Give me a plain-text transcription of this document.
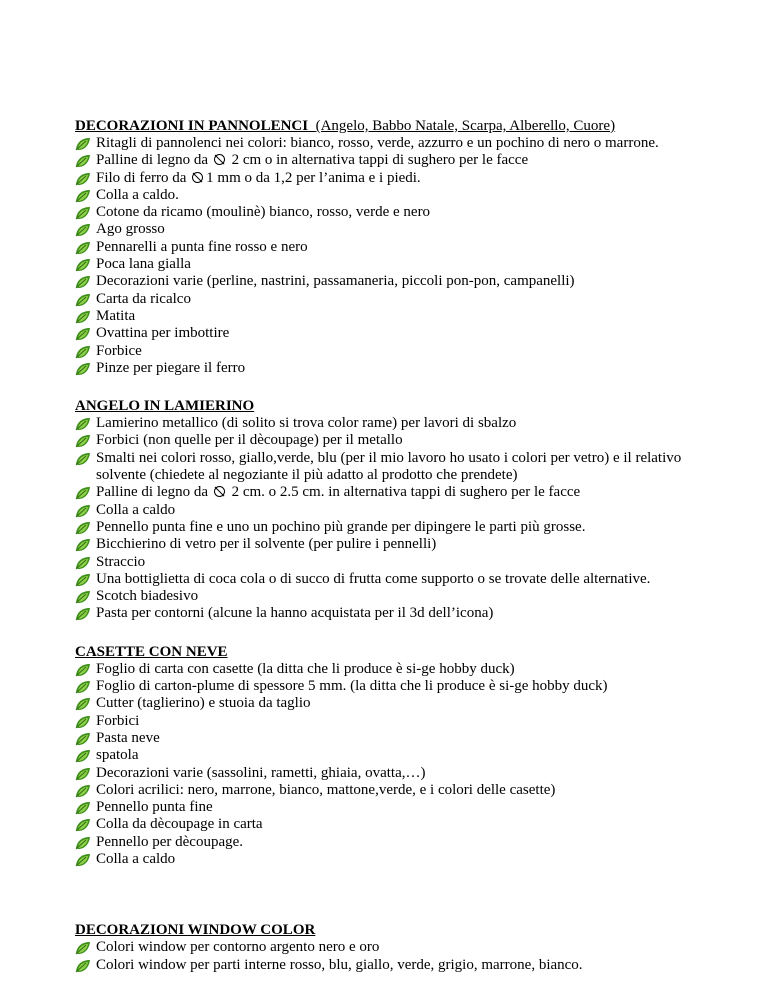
DECORAZIONI IN PANNOLENCI (Angelo, Babbo Natale, Scarpa, Alberello, Cuore)
Ritagli di pannolenci nei colori: bianco, rosso, verde, azzurro e un pochino di nero o marrone.
Palline di legno da  2 cm o in alternativa tappi di sughero per le facce
Filo di ferro da 1 mm o da 1,2 per l’anima e i piedi.
Colla a caldo.
Cotone da ricamo (moulinè) bianco, rosso, verde e nero
Ago grosso
Pennarelli a punta fine rosso e nero
Poca lana gialla
Decorazioni varie (perline, nastrini, passamaneria, piccoli pon-pon, campanelli)
Carta da ricalco
Matita
Ovattina per imbottire
Forbice
Pinze per piegare il ferro
ANGELO IN LAMIERINO
Lamierino metallico (di solito si trova color rame) per lavori di sbalzo
Forbici (non quelle per il dècoupage) per il metallo
Smalti nei colori rosso, giallo,verde, blu (per il mio lavoro ho usato i colori per vetro) e il relativo solvente (chiedete al negoziante il più adatto al prodotto che prendete)
Palline di legno da  2 cm. o 2.5 cm. in alternativa tappi di sughero per le facce
Colla a caldo
Pennello punta fine e uno un pochino più grande per dipingere le parti più grosse.
Bicchierino di vetro per il solvente (per pulire i pennelli)
Straccio
Una bottiglietta di coca cola o di succo di frutta come supporto o se trovate delle alternative.
Scotch biadesivo
Pasta per contorni (alcune la hanno acquistata per il 3d dell’icona)
CASETTE CON NEVE
Foglio di carta con casette (la ditta che li produce è si-ge hobby duck)
Foglio di carton-plume di spessore 5 mm. (la ditta che li produce è si-ge hobby duck)
Cutter (taglierino) e stuoia da taglio
Forbici
Pasta neve
spatola
Decorazioni varie (sassolini, rametti, ghiaia, ovatta,…)
Colori acrilici: nero, marrone, bianco, mattone,verde, e i colori delle casette)
Pennello punta fine
Colla da dècoupage in carta
Pennello per dècoupage.
Colla a caldo
DECORAZIONI WINDOW COLOR
Colori window per contorno argento nero e oro
Colori window per parti interne rosso, blu, giallo, verde, grigio, marrone, bianco.
